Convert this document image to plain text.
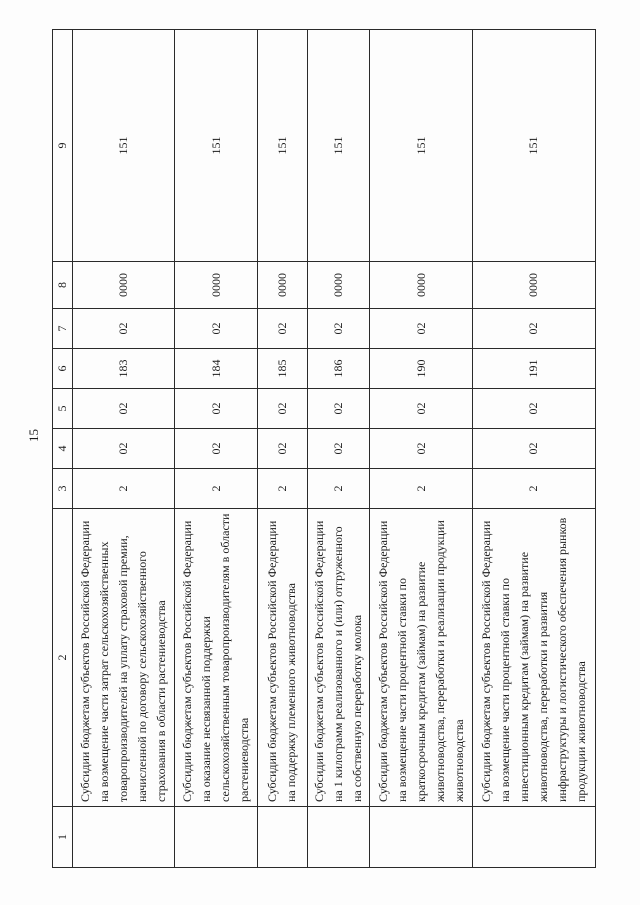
15
1	2	3	4	5	6	7	8	9
	Субсидии бюджетам субъектов Российской Федерации на возмещение части затрат сельскохозяйственных товаропроизводителей на уплату страховой премии, начисленной по договору сельскохозяйственного страхования в области растениеводства	2	02	02	183	02	0000	151
	Субсидии бюджетам субъектов Российской Федерации на оказание несвязанной поддержки сельскохозяйственным товаропроизводителям в области растениеводства	2	02	02	184	02	0000	151
	Субсидии бюджетам субъектов Российской Федерации на поддержку племенного животноводства	2	02	02	185	02	0000	151
	Субсидии бюджетам субъектов Российской Федерации на 1 килограмм реализованного и (или) отгруженного на собственную переработку молока	2	02	02	186	02	0000	151
	Субсидии бюджетам субъектов Российской Федерации на возмещение части процентной ставки по краткосрочным кредитам (займам) на развитие животноводства, переработки и реализации продукции животноводства	2	02	02	190	02	0000	151
	Субсидии бюджетам субъектов Российской Федерации на возмещение части процентной ставки по инвестиционным кредитам (займам) на развитие животноводства, переработки и развития инфраструктуры и логистического обеспечения рынков продукции животноводства	2	02	02	191	02	0000	151
